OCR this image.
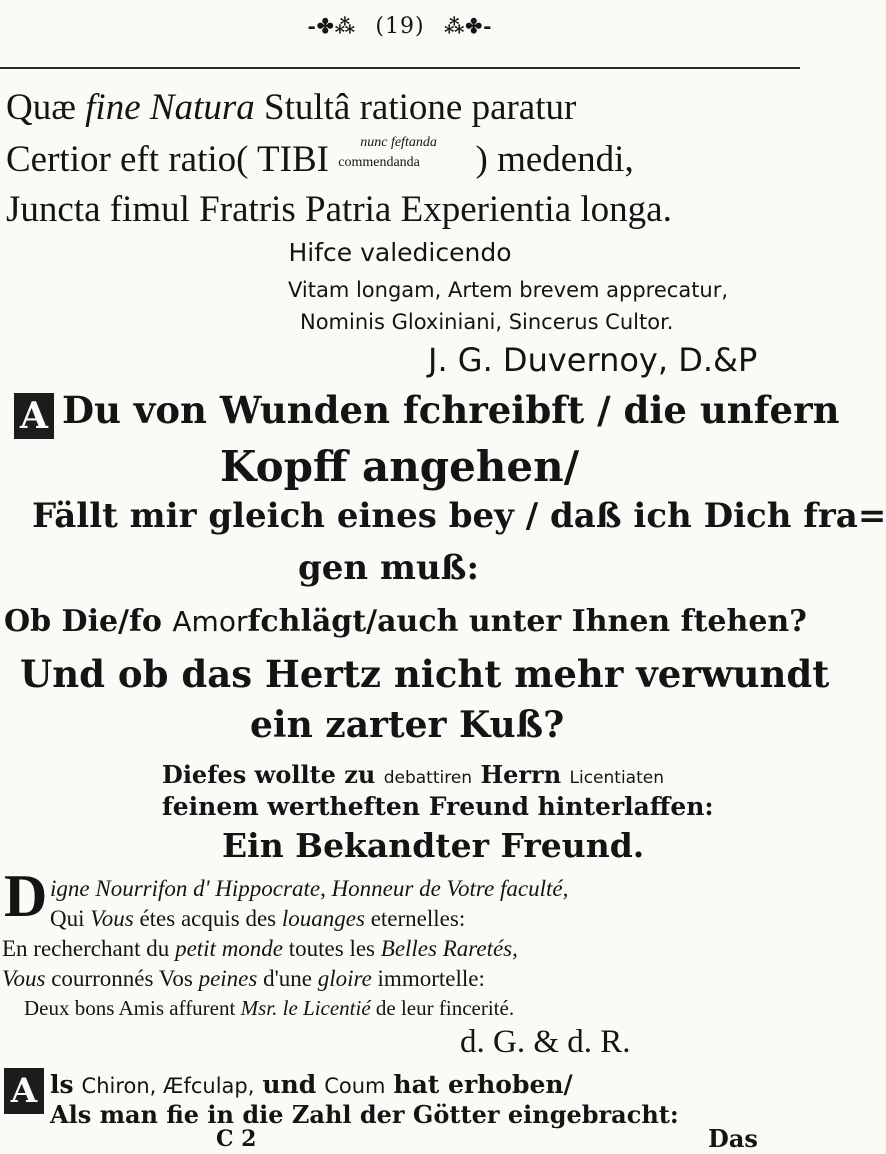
-✤⁂ (19) ⁂✤-
Quæ fine Natura Stultâ ratione paratur
Certior eft ratio( TIBI nunc feftanda
commendanda ) medendi,
Juncta fimul Fratris Patria Experientia longa.
Hifce valedicendo
Vitam longam, Artem brevem apprecatur,
Nominis Gloxiniani, Sincerus Cultor.
J. G. Duvernoy, D.&P
A Du von Wunden fchreibft / die unfern
Kopff angehen/
Fällt mir gleich eines bey / daß ich Dich fra=
gen muß:
Ob Die/fo Amorfchlägt/auch unter Ihnen ftehen?
Und ob das Hertz nicht mehr verwundt
ein zarter Kuß?
Diefes wollte zu debattiren Herrn Licentiaten
feinem wertheften Freund hinterlaffen:
Ein Bekandter Freund.
D igne Nourrifon d' Hippocrate, Honneur de Votre faculté,
Qui Vous étes acquis des louanges eternelles:
En recherchant du petit monde toutes les Belles Raretés,
Vous courronnés Vos peines d'une gloire immortelle:
Deux bons Amis affurent Msr. le Licentié de leur fincerité.
d. G. & d. R.
A ls Chiron, Æfculap, und Coum hat erhoben/
Als man fie in die Zahl der Götter eingebracht:
C 2	Das
